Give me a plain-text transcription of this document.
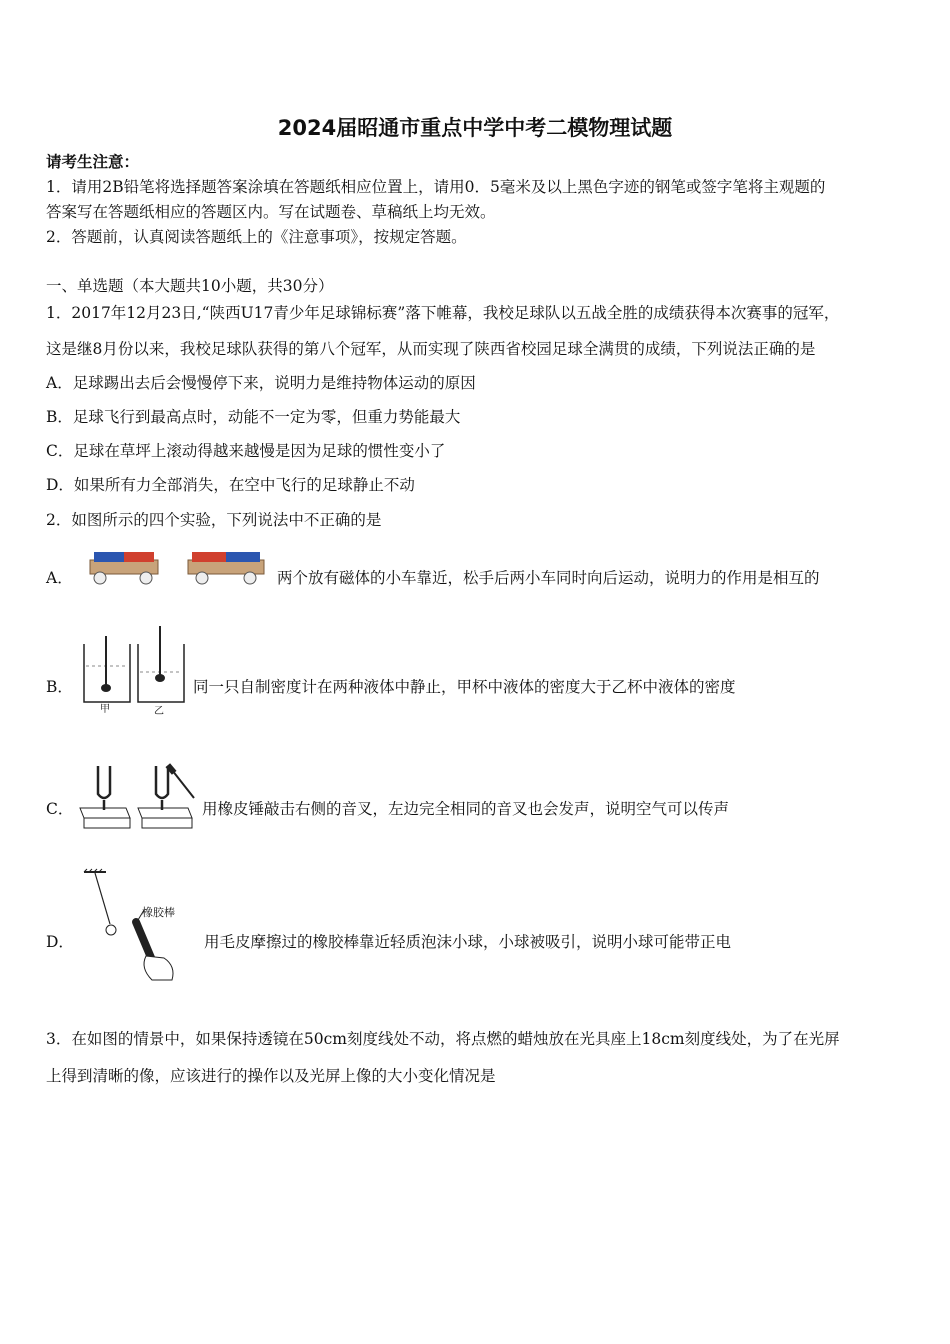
2024届昭通市重点中学中考二模物理试题
请考生注意：
1．请用2B铅笔将选择题答案涂填在答题纸相应位置上，请用0．5毫米及以上黑色字迹的钢笔或签字笔将主观题的
答案写在答题纸相应的答题区内。写在试题卷、草稿纸上均无效。
2．答题前，认真阅读答题纸上的《注意事项》，按规定答题。
一、单选题（本大题共10小题，共30分）
1．2017年12月23日,“陕西U17青少年足球锦标赛”落下帷幕，我校足球队以五战全胜的成绩获得本次赛事的冠军，
这是继8月份以来，我校足球队获得的第八个冠军，从而实现了陕西省校园足球全满贯的成绩，下列说法正确的是
A．足球踢出去后会慢慢停下来，说明力是维持物体运动的原因
B．足球飞行到最高点时，动能不一定为零，但重力势能最大
C．足球在草坪上滚动得越来越慢是因为足球的惯性变小了
D．如果所有力全部消失，在空中飞行的足球静止不动
2．如图所示的四个实验，下列说法中不正确的是
A．	两个放有磁体的小车靠近，松手后两小车同时向后运动，说明力的作用是相互的
B．
甲	乙
同一只自制密度计在两种液体中静止，甲杯中液体的密度大于乙杯中液体的密度
C．	用橡皮锤敲击右侧的音叉，左边完全相同的音叉也会发声，说明空气可以传声
D．
橡胶棒
用毛皮摩擦过的橡胶棒靠近轻质泡沫小球，小球被吸引，说明小球可能带正电
3．在如图的情景中，如果保持透镜在50cm刻度线处不动，将点燃的蜡烛放在光具座上18cm刻度线处，为了在光屏
上得到清晰的像，应该进行的操作以及光屏上像的大小变化情况是
